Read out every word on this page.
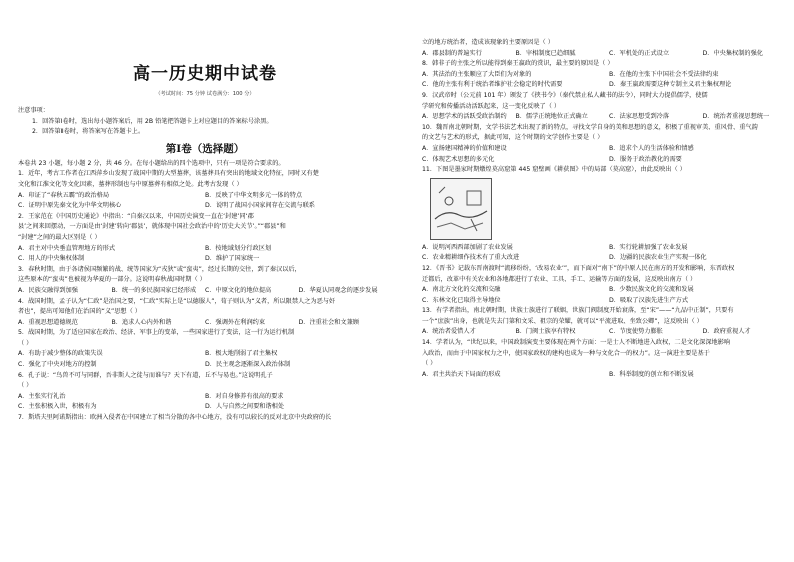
高一历史期中试卷
（考试时间：75 分钟 试卷满分：100 分）
注意事项：
1．回答第Ⅰ卷时，选出每小题答案后，用 2B 铅笔把答题卡上对应题目的答案标号涂黑。
2．回答第Ⅱ卷时，将答案写在答题卡上。
第Ⅰ卷（选择题）
本卷共 23 小题，每小题 2 分，共 46 分。在每小题给出的四个选项中，只有一项是符合要求的。
1．近年，考古工作者在江西萍乡山发现了战国中期的大型墓葬，该墓葬具有突出的地域文化特征，同时又有楚
文化和江淮文化等文化因素，墓葬形制也与中原墓葬有相似之处。此考古发现（ ）
A．印证了“春秋五霸”的政治格局	B．反映了中华文明多元一体的特点
C．证明中原先秦文化为中华文明核心	D．说明了战国小国家间存在交流与联系
2．王家范在《中国历史通论》中指出：“自秦汉以来，中国历史演变一直在‘封建’同‘郡
县’之间来回摆动，一方面是由‘封建’转向‘郡县’，就体现中国社会政治中的‘历史大关节’。”“郡县”和
“封建”之间的最大区别是（ ）
A．君主对中央垂直管理地方的形式	B．按地域划分行政区划
C．用人的中央集权体制	D．维护了国家统一
3．春秋时期，由于各诸侯国频繁的战、统等国家为“戎狄”或“蛮夷”，经过长期的交往，到了秦汉以后，
这些原本的“蛮夷”也被视为华夏的一部分。这说明春秋战国时期（ ）
A．民族交融得到加强	B．统一的多民族国家已经形成	C．中原文化的地位提高	D．华夏认同观念的逐步发展
4．战国时期，孟子认为“仁政”是治国之要，“仁政”实际上是“以德服人”，荀子则认为“义者，所以限禁人之为恶与奸
者也”，提出可知他们在治国的“义”思想（ ）
A．重视思想道德规范	B．追求人心内外和谐	C．强调外在利润约束	D．注重社会和文兼顾
5．战国时期，为了适应国家在政治、经济、军事上的变革，一些国家进行了变法，这一行为运行机制
（ ）
A．有助于减少整体的政策失误	B．极大地削弱了君主集权
C．强化了中央对地方的控制	D．民主观念逐渐深入政治体制
6．孔子说：“鸟兽不可与同群，吾非斯人之徒与而谁与？天下有道，丘不与易也。”这说明孔子
（ ）
A．主张实行礼治	B．对自身修养有很高的要求
C．主张积极入世，积极有为	D．人与自然之间要和谐相处
7．斯塔夫里阿诺斯指出：欧洲入侵者在中国建立了相当分散的各中心地方，没有可以较长的反对北京中央政府的长
立的地方统治者，造成该现象的主要原因是（ ）
A．郡县制的普遍实行	B．宰相制度已趋细腻	C．军机处的正式设立	D．中央集权制的强化
8．韩非子的主张之所以能得到秦王嬴政的赏识，最主要的原因是（ ）
A．其法治的主张顺应了大臣们为对象的	B．在他的主张下中国社会不受法律约束
C．他的主张有利于统治者维护社会稳定的时代需要	D．秦王嬴政需要这种专制主义君主集权理论
9．汉武帝时（公元前 101 年）颁发了《挟书令》（秦代禁止私人藏书的法令），同时大力提倡儒学，使儒
学研究和传播活动活跃起来，这一变化反映了（ ）
A．思想学术的活跃受政治制约	B．儒学正统地位正式确立	C．法家思想受到冷落	D．统治者重视思想统一
10．魏晋南北朝时期，文学书法艺术出现了新的特点，寻找文学自身的美和思想的意义，积极了重视审美、重风骨、重气韵
的文艺与艺术的形式，据此可知，这个时期的文学创作主要是（ ）
A．宣扬建国精神的价值和建设	B．追求个人的生活体验和情感
C．体现艺术思想的多元化	D．服务于政治教化的需要
11．下图是墨家时期燉煌莫高窟第 445 窟壁画《耕获图》中的局部（莫高窟），由此反映出（ ）
A．说明河西西部加剧了农业发展	B．实行轮耕加强了农业发展
C．农业精耕细作技术有了重大改进	D．边疆的民族农业生产实现一体化
12．《晋书》记载东晋南渡时“流移纷纷，‘改易农业’”，而下面对“南下”的中原人民在南方的开发和影响，东晋政权
迁都后，改革中有关农业和各地都进行了农业、工具、手工、运输等方面的发展，这反映出南方（ ）
A．南北方文化的交流和交融	B．少数民族文化的交流和发展
C．东林文化已取得主导地位	D．吸取了汉族先进生产方式
13．有学者指出，南北朝时期，世族士族进行了联姻，世族门阀制度开始衰落，至“宋”——“九品中正制”，只要有
一个“庶族”出身，也就是失去门第和文采、祖宗的荣耀，就可以“平流进取、坐致公卿”，这反映出（ ）
A．统治者爱惜人才	B．门阀士族享有特权	C．节度使势力膨胀	D．政府重视人才
14．学者认为，“世纪以来，中国政制演变主要体现在两个方面：一是士人不断地进入政权，二是文化深深地影响
入政治，而由于中国家权力之中，使国家政权的建构也成为一种与文化合一的权力”。这一演进主要是基于
（ ）
A．君主共治天下局面的形成	B．科举制度的创立和不断发展
